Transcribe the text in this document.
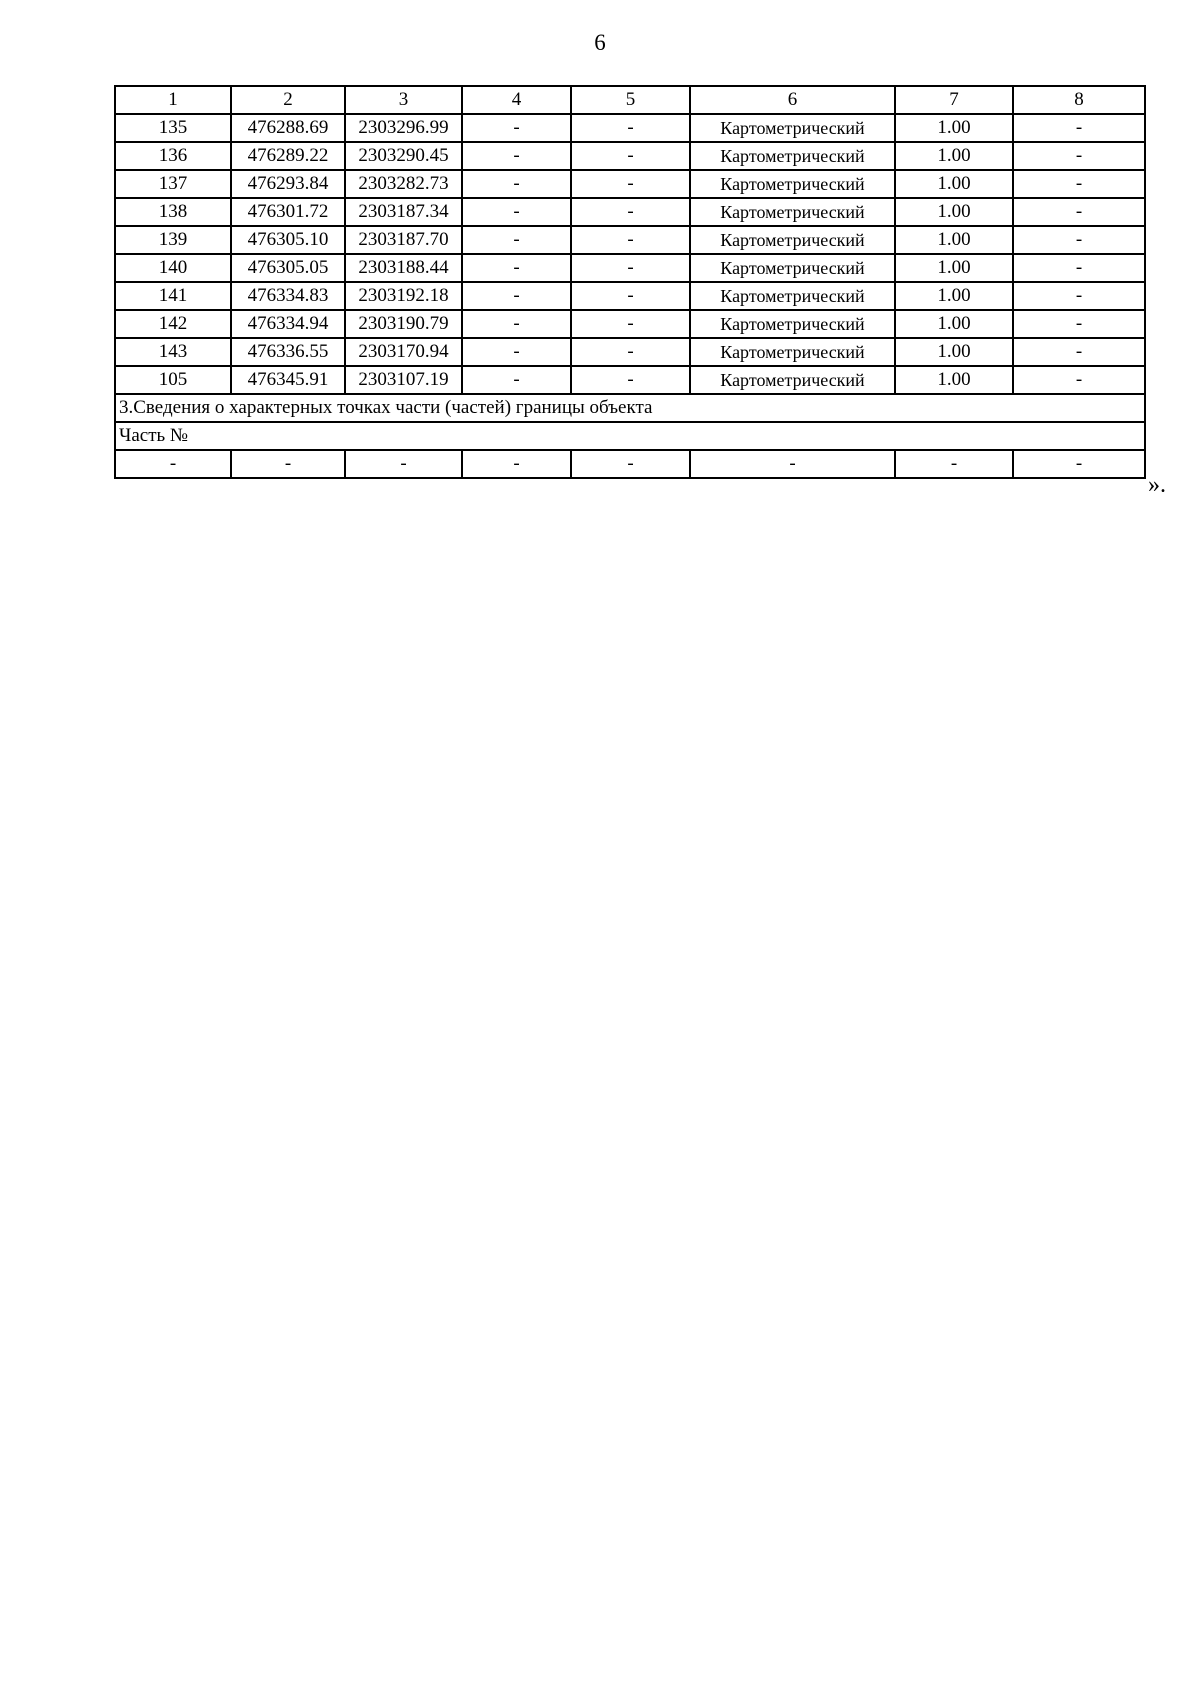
6
1	2	3	4	5	6	7	8
135	476288.69	2303296.99	-	-	Картометрический	1.00	-
136	476289.22	2303290.45	-	-	Картометрический	1.00	-
137	476293.84	2303282.73	-	-	Картометрический	1.00	-
138	476301.72	2303187.34	-	-	Картометрический	1.00	-
139	476305.10	2303187.70	-	-	Картометрический	1.00	-
140	476305.05	2303188.44	-	-	Картометрический	1.00	-
141	476334.83	2303192.18	-	-	Картометрический	1.00	-
142	476334.94	2303190.79	-	-	Картометрический	1.00	-
143	476336.55	2303170.94	-	-	Картометрический	1.00	-
105	476345.91	2303107.19	-	-	Картометрический	1.00	-
3.Сведения о характерных точках части (частей) границы объекта							
Часть №							
-	-	-	-	-	-	-	-
».
